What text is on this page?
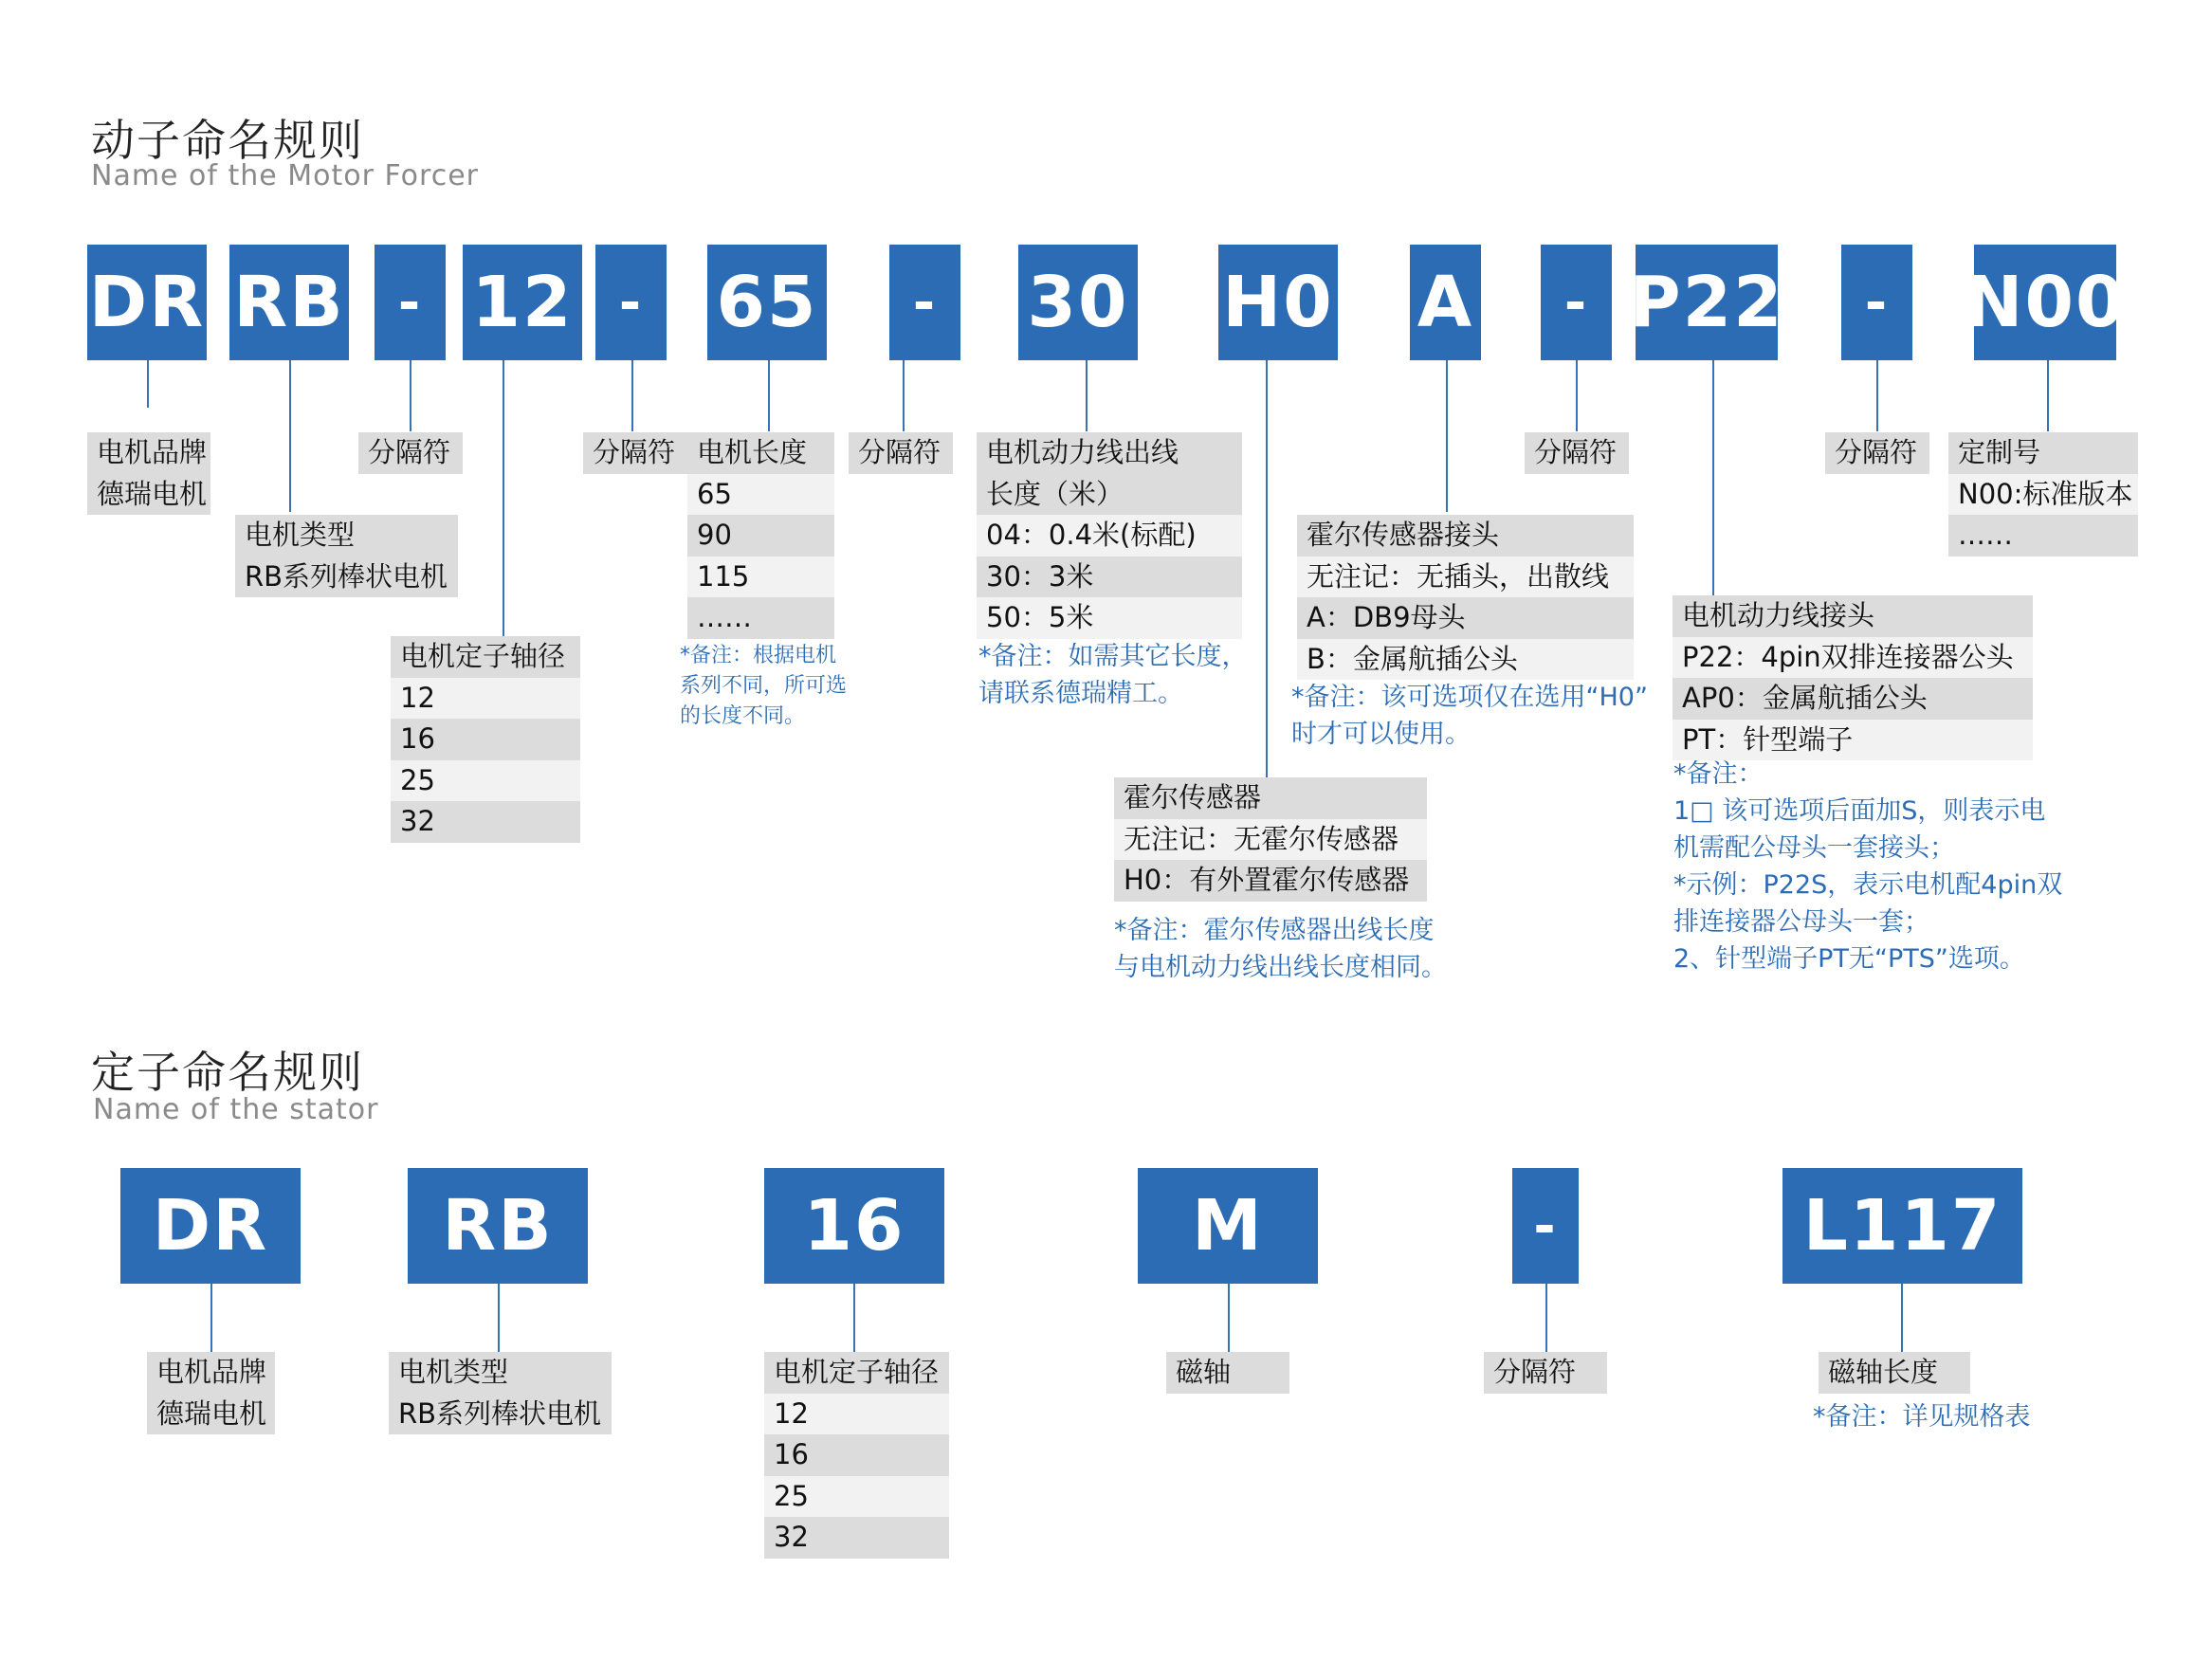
动子命名规则
Name of the Motor Forcer
定子命名规则
Name of the stator
DR RB	- 12 -	65	-	30 H0 A	- P22	-	N00
电机品牌
德瑞电机
分隔符
电机类型
RB系列棒状电机
电机定子轴径
12
16
25
32
分隔符 电机长度
65
90
115
……
分隔符	电机动力线出线
长度（米）
04：0.4米(标配)
30：3米
50：5米
霍尔传感器
无注记：无霍尔传感器
H0：有外置霍尔传感器
霍尔传感器接头
无注记：无插头，出散线
A：DB9母头
B：金属航插公头
分隔符
电机动力线接头
P22：4pin双排连接器公头
AP0：金属航插公头
PT：针型端子
分隔符	定制号
N00:标准版本
……
*备注：根据电机
系列不同，所可选
的长度不同。
*备注：如需其它长度，
请联系德瑞精工。
*备注：霍尔传感器出线长度
与电机动力线出线长度相同。
*备注：该可选项仅在选用“H0”
时才可以使用。
*备注：
1□ 该可选项后面加S，则表示电
机需配公母头一套接头；
*示例：P22S，表示电机配4pin双
排连接器公母头一套；
2、针型端子PT无“PTS”选项。
DR	RB	16	M	-	L117
电机品牌
德瑞电机
电机类型
RB系列棒状电机
电机定子轴径
12
16
25
32
磁轴	分隔符	磁轴长度
*备注：详见规格表
